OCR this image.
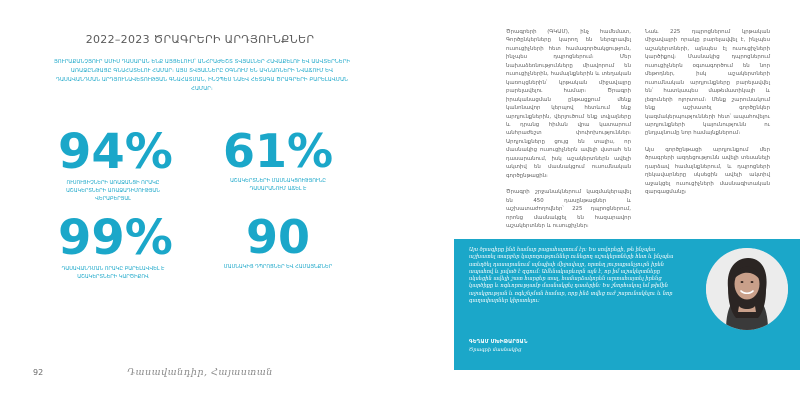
2022–2023 ԾՐԱԳՐԵՐԻ ԱՐԴՅՈՒՆՔՆԵՐ
ՅՈՒՐԱՔԱՆՉՅՈՒՐ ԱՄԻՍ ԴԱՍԱՐԱՆ ԵՆՔ ԱՅՑԵԼՈՒՄ՝ ԱՆՀՐԱԺԵՇՏ ՏՎՅԱԼՆԵՐ ՀԱՎԱՔԵԼՈՒ ԵՎ ԱԱՎՏԵՐՆԵՐԻ ԱՌԱՋԸՆԹԱՑԸ ԳՆԱՀԱՏԵԼՈՒ ՀԱՄԱՐ։ ԱՅՍ ՏՎՅԱԼՆԵՐԸ ՕԳՆՈՒՄ ԵՆ ԱԿՆԱՌՆԵՐԻ ՆՎԱՃՈՒՄ ԵՎ ԴԱՍԱՎԱՆԴՄԱՆ ԱՐԴՅՈՒՆԱՎԵՏՈՒԹՅԱՆ ԳՆԱՀԱՏՄԱՆ, ԻՆՉՊԵՍ ՆԱԵՎ ՀԵՏԱԳԱ ԾՐԱԳՐԵՐԻ ԲԱՐԵԼԱՎՄԱՆ ՀԱՄԱՐ։
94%
ՈՒՍՈՒՑԻՉՆԵՐԻ ԱՌԱՋԱՆՑԻ ՈՐԱԿԸ ԱՇԱԿԵՐՏՆԵՐԻ ԱՌԱՋԱԴԻՄՈՒԹՅԱՆ ՎԵՐԱԲԵՐՅԱԼ
61%
ԱՇԱԿԵՐՏՆԵՐԻ ՄԱՍՆԱԿՑՈՒԹՅՈՒՆԸ ԴԱՍԱՐԱՆՈՒՄ ԱՃԵԼ Է
99%
ԴԱՍԱՎԱՆԴՄԱՆ ՈՐԱԿԸ ԲԱՐԵԼԱՎՎԵԼ Է ԱՇԱԿԵՐՏՆԵՐԻ ԿԱՐԾԻՔՈՎ
90
ՄԱՍՆԱԿԻՑ ԴՊՐՈՑՆԵՐ ԵՎ ՀԱՄԱՅՆՔՆԵՐ
92	Դասավանդիր, Հայաստան

Ծրագրերի (ԳԿԱՄ), ինչ համեմատ, Գործընկերները կարող են ներգրավել ուսուցիչների հետ համագործակցություն, ինչպես դպրոցներում։ Մեր նախաձեռնությունները միավորում են ուսուցիչներին, համայնքներին և տեղական կառույցներին՝ կրթական միջավայրը բարելավելու համար։ Ծրագրի իրականացման ընթացքում մենք կանոնավոր կերպով հետևում ենք արդյունքներին, վերլուծում ենք տվյալները և դրանց հիման վրա կատարում անհրաժեշտ փոփոխություններ։ Արդյունքները ցույց են տալիս, որ մասնակից ուսուցիչներն ավելի վստահ են դասարանում, իսկ աշակերտներն ավելի ակտիվ են մասնակցում ուսումնական գործընթացին։

Ծրագրի շրջանակներում կազմակերպվել են 450 դասընթացներ և աշխատաժողովներ՝ 225 դպրոցներում, որոնց մասնակցել են հազարավոր աշակերտներ և ուսուցիչներ։

Նաև 225 դպրոցներում կրթական միջավայրի որակը բարելավվել է, ինչպես աշակերտների, այնպես էլ ուսուցիչների կարծիքով։ Մասնակից դպրոցներում ուսուցիչներն օգտագործում են նոր մեթոդներ, իսկ աշակերտների ուսումնական արդյունքները բարելավվել են՝ հատկապես մաթեմատիկայի և լեզուների ոլորտում։ Մենք շարունակում ենք աշխատել գործընկեր կազմակերպությունների հետ՝ ապահովելու արդյունքների կայունությունն ու ընդլայնումը նոր համայնքներում։

Այս գործընթացի արդյունքում մեր ծրագրերի ազդեցությունն ավելի տեսանելի դարձավ համայնքներում, և դպրոցների ղեկավարները սկսեցին ավելի ակտիվ աջակցել ուսուցիչների մասնագիտական զարգացմանը։

Այս ծրագիրը ինձ համար բացահայտում էր։ Ես սովորեցի, թե ինչպես աշխատել տարբեր կարողություններ ունեցող աշակերտների հետ և ինչպես ստեղծել դասարանում այնպիսի միջավայր, որտեղ յուրաքանչյուրն իրեն ապահով և լսված է զգում։ Ամենակարևորն այն է, որ իմ աշակերտները սկսեցին ավելի շատ հարցեր տալ, համարձակորեն արտահայտել իրենց կարծիքը և ոգևորությամբ մասնակցել դասերին։ Ես շնորհակալ եմ թիմին աջակցության և ոգեշնչման համար, որը ինձ տվեց ուժ շարունակելու և նոր գաղափարներ կիրառելու։
ԳԵՂԱՄ ՄԽԻԹԱՐՅԱՆ
Ծրագրի մասնակից
